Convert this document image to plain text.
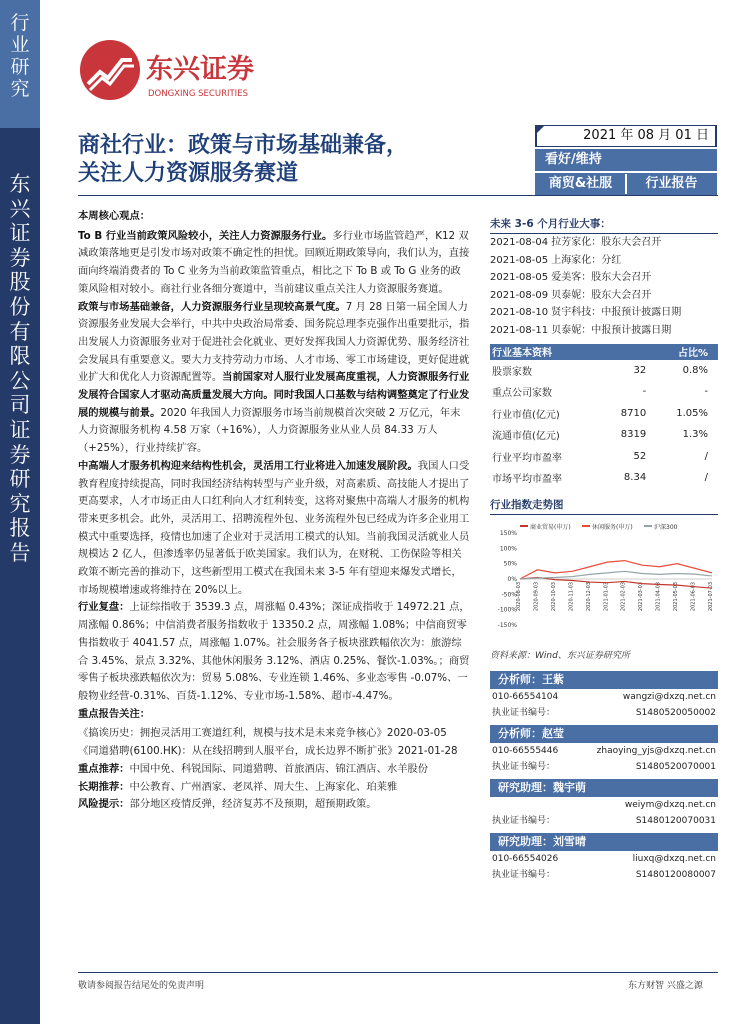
行业研究
东兴证券股份有限公司证券研究报告
东兴证券
DONGXING SECURITIES
商社行业：政策与市场基础兼备，
关注人力资源服务赛道
2021 年 08 月 01 日
看好/维持
商贸&社服	行业报告
本周核心观点：

To B 行业当前政策风险较小，关注人力资源服务行业。多行业市场监管趋严，K12 双减政策落地更是引发市场对政策不确定性的担忧。回顾近期政策导向，我们认为，直接面向终端消费者的 To C 业务为当前政策监管重点，相比之下 To B 或 To G 业务的政策风险相对较小。商社行业各细分赛道中，当前建议重点关注人力资源服务赛道。

政策与市场基础兼备，人力资源服务行业呈现较高景气度。7 月 28 日第一届全国人力资源服务业发展大会举行，中共中央政治局常委、国务院总理李克强作出重要批示，指出发展人力资源服务业对于促进社会化就业、更好发挥我国人力资源优势、服务经济社会发展具有重要意义。要大力支持劳动力市场、人才市场、零工市场建设，更好促进就业扩大和优化人力资源配置等。当前国家对人服行业发展高度重视，人力资源服务行业发展符合国家人才驱动高质量发展大方向。同时我国人口基数与结构调整奠定了行业发展的规模与前景。2020 年我国人力资源服务市场当前规模首次突破 2 万亿元，年末人力资源服务机构 4.58 万家（+16%），人力资源服务业从业人员 84.33 万人（+25%），行业持续扩容。

中高端人才服务机构迎来结构性机会，灵活用工行业将进入加速发展阶段。我国人口受教育程度持续提高，同时我国经济结构转型与产业升级，对高素质、高技能人才提出了更高要求，人才市场正由人口红利向人才红利转变，这将对聚焦中高端人才服务的机构带来更多机会。此外，灵活用工、招聘流程外包、业务流程外包已经成为许多企业用工模式中重要选择，疫情也加速了企业对于灵活用工模式的认知。当前我国灵活就业人员规模达 2 亿人，但渗透率仍显著低于欧美国家。我们认为，在财税、工伤保险等相关政策不断完善的推动下，这些新型用工模式在我国未来 3-5 年有望迎来爆发式增长，市场规模增速或将维持在 20%以上。

行业复盘：上证综指收于 3539.3 点，周涨幅 0.43%；深证成指收于 14972.21 点，周涨幅 0.86%；中信消费者服务指数收于 13350.2 点，周涨幅 1.08%；中信商贸零售指数收于 4041.57 点，周涨幅 1.07%。社会服务各子板块涨跌幅依次为：旅游综合 3.45%、景点 3.32%、其他休闲服务 3.12%、酒店 0.25%、餐饮-1.03%。；商贸零售子板块涨跌幅依次为：贸易 5.08%、专业连锁 1.46%、多业态零售 -0.07%、一般物业经营-0.31%、百货-1.12%、专业市场-1.58%、超市-4.47%。

重点报告关注：
《搞诶历史：拥抱灵活用工赛道红利，规模与技术是未来竞争核心》2020-03-05
《同道猎聘(6100.HK)：从在线招聘到人服平台，成长边界不断扩张》2021-01-28
重点推荐：中国中免、科锐国际、同道猎聘、首旅酒店、锦江酒店、水羊股份
长期推荐：中公教育、广州酒家、老凤祥、周大生、上海家化、珀莱雅
风险提示：部分地区疫情反弹，经济复苏不及预期，超预期政策。
未来 3-6 个月行业大事：
2021-08-04 拉芳家化：股东大会召开
2021-08-05 上海家化：分红
2021-08-05 爱美客：股东大会召开
2021-08-09 贝泰妮：股东大会召开
2021-08-10 贤宇科技：中报预计披露日期
2021-08-11 贝泰妮：中报预计披露日期
行业基本资料		占比%
股票家数	32	0.8%
重点公司家数	-	-
行业市值(亿元)	8710	1.05%
流通市值(亿元)	8319	1.3%
行业平均市盈率	52	/
市场平均市盈率	8.34	/
行业指数走势图
商业贸易(申万)	休闲服务(申万)	沪深300
150%
100%
50%
0%
-50%
-100%
-150%
2020-08-03 2020-09-03 2020-10-03 2020-11-03 2020-12-03 2021-01-03 2021-02-03 2021-03-03 2021-04-03 2021-05-03 2021-06-03 2021-07-03
资料来源：Wind、东兴证券研究所
分析师：王紫
010-66554104	wangzi@dxzq.net.cn
执业证书编号：	S1480520050002
分析师：赵莹
010-66555446	zhaoying_yjs@dxzq.net.cn
执业证书编号：	S1480520070001
研究助理：魏宇萌
weiym@dxzq.net.cn
执业证书编号：	S1480120070031
研究助理：刘雪晴
010-66554026	liuxq@dxzq.net.cn
执业证书编号：	S1480120080007
敬请参阅报告结尾处的免责声明	东方财智 兴盛之源
